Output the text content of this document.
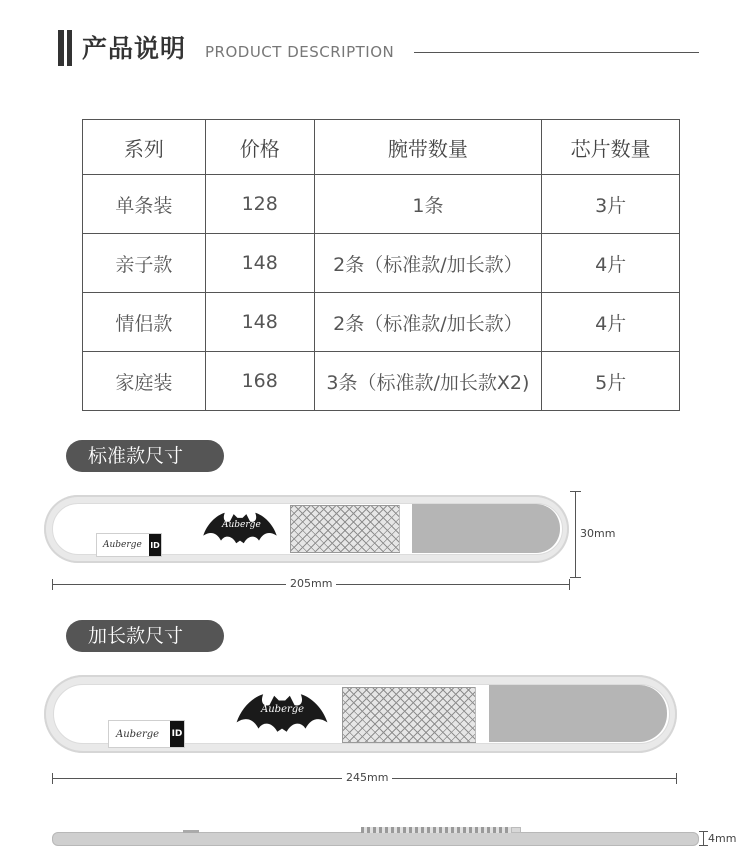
产品说明 PRODUCT DESCRIPTION
系列	价格	腕带数量	芯片数量
单条装	128	1条	3片
亲子款	148	2条（标准款/加长款）	4片
情侣款	148	2条（标准款/加长款）	4片
家庭装	168	3条（标准款/加长款X2)	5片
标准款尺寸
Auberge	ID
Auberge
30mm
205mm
加长款尺寸
Auberge	ID
Auberge
245mm
4mm
